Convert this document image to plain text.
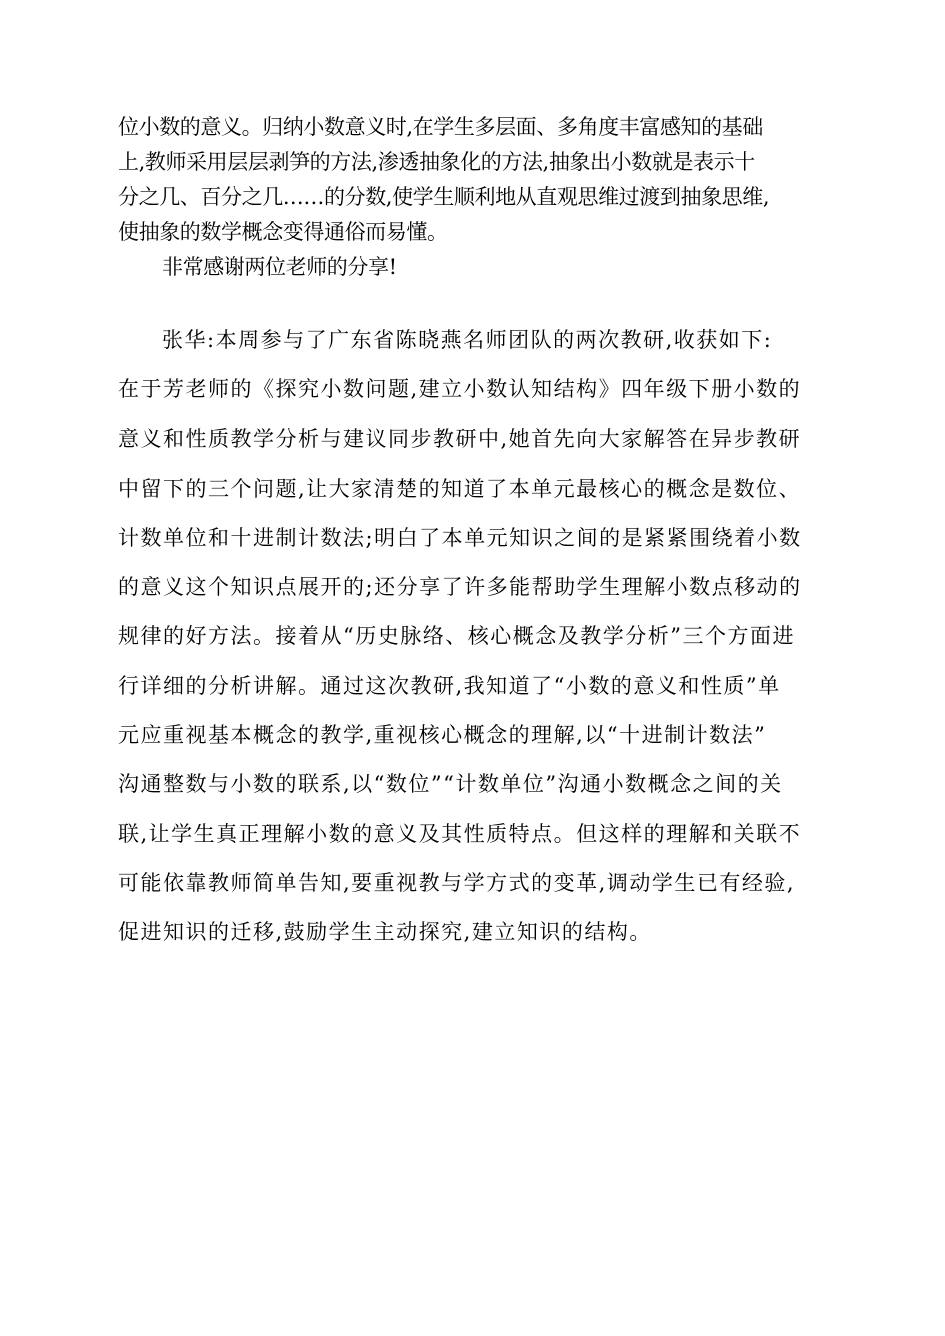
位小数的意义。归纳小数意义时,在学生多层面、多角度丰富感知的基础
上,教师采用层层剥笋的方法,渗透抽象化的方法,抽象出小数就是表示十
分之几、百分之几……的分数,使学生顺利地从直观思维过渡到抽象思维,
使抽象的数学概念变得通俗而易懂。
非常感谢两位老师的分享!
张华:本周参与了广东省陈晓燕名师团队的两次教研,收获如下:
在于芳老师的《探究小数问题,建立小数认知结构》四年级下册小数的
意义和性质教学分析与建议同步教研中,她首先向大家解答在异步教研
中留下的三个问题,让大家清楚的知道了本单元最核心的概念是数位、
计数单位和十进制计数法;明白了本单元知识之间的是紧紧围绕着小数
的意义这个知识点展开的;还分享了许多能帮助学生理解小数点移动的
规律的好方法。接着从“历史脉络、核心概念及教学分析”三个方面进
行详细的分析讲解。通过这次教研,我知道了“小数的意义和性质”单
元应重视基本概念的教学,重视核心概念的理解,以“十进制计数法”
沟通整数与小数的联系,以“数位”“计数单位”沟通小数概念之间的关
联,让学生真正理解小数的意义及其性质特点。但这样的理解和关联不
可能依靠教师简单告知,要重视教与学方式的变革,调动学生已有经验,
促进知识的迁移,鼓励学生主动探究,建立知识的结构。
